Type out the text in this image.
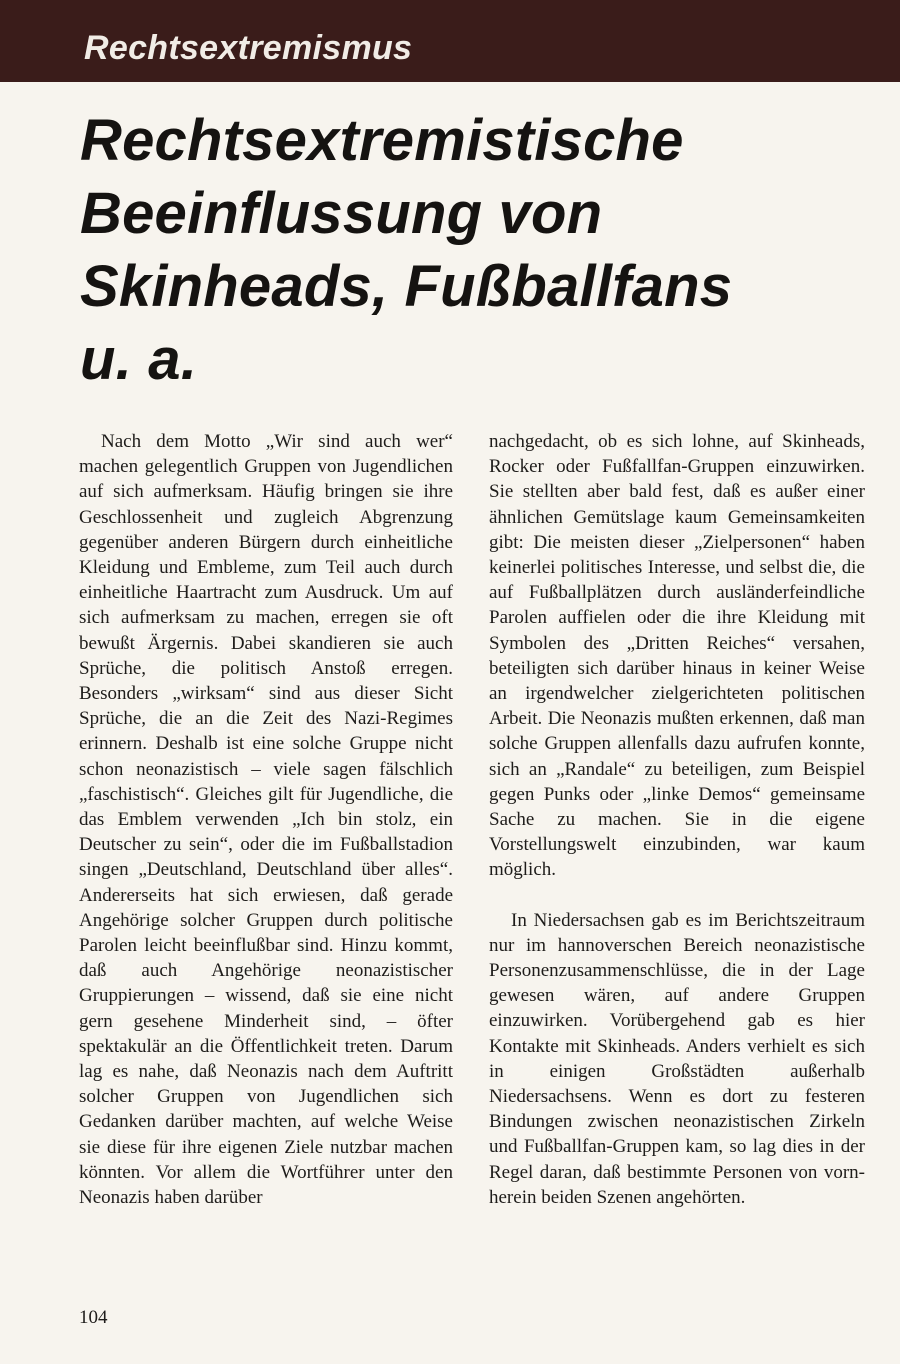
Rechtsextremismus
Rechtsextremistische
Beeinflussung von
Skinheads, Fußballfans
u. a.

Nach dem Motto „Wir sind auch wer“ machen gelegentlich Gruppen von Jugendlichen auf sich aufmerksam. Häufig bringen sie ihre Geschlossenheit und zugleich Abgrenzung gegenüber anderen Bürgern durch einheitliche Kleidung und Embleme, zum Teil auch durch einheitliche Haartracht zum Ausdruck. Um auf sich aufmerksam zu machen, erregen sie oft bewußt Ärgernis. Dabei skandieren sie auch Sprüche, die politisch Anstoß erregen. Besonders „wirksam“ sind aus dieser Sicht Sprüche, die an die Zeit des Nazi-Regimes erinnern. Deshalb ist eine solche Gruppe nicht schon neonazistisch – viele sagen fälschlich „faschistisch“. Gleiches gilt für Jugendliche, die das Emblem verwenden „Ich bin stolz, ein Deutscher zu sein“, oder die im Fußballstadion singen „Deutschland, Deutschland über alles“. Andererseits hat sich erwiesen, daß gerade Angehörige solcher Gruppen durch politische Parolen leicht beeinflußbar sind. Hinzu kommt, daß auch Angehörige neonazistischer Gruppierungen – wissend, daß sie eine nicht gern gesehene Minderheit sind, – öfter spektakulär an die Öffentlichkeit treten. Darum lag es nahe, daß Neonazis nach dem Auftritt solcher Gruppen von Jugendlichen sich Gedanken darüber machten, auf welche Weise sie diese für ihre eigenen Ziele nutzbar machen könnten. Vor allem die Wortführer unter den Neonazis haben darüber

nachgedacht, ob es sich lohne, auf Skinheads, Rocker oder Fußfallfan-Gruppen einzuwirken. Sie stellten aber bald fest, daß es außer einer ähnlichen Gemütslage kaum Gemeinsamkeiten gibt: Die meisten dieser „Zielpersonen“ haben keinerlei politisches Interesse, und selbst die, die auf Fußballplätzen durch ausländerfeindliche Parolen auffielen oder die ihre Kleidung mit Symbolen des „Dritten Reiches“ versahen, beteiligten sich darüber hinaus in keiner Weise an irgendwelcher zielgerichteten politischen Arbeit. Die Neonazis mußten erkennen, daß man solche Gruppen allenfalls dazu aufrufen konnte, sich an „Randale“ zu beteiligen, zum Beispiel gegen Punks oder „linke Demos“ gemeinsame Sache zu machen. Sie in die eigene Vorstellungswelt einzubinden, war kaum möglich.

In Niedersachsen gab es im Berichtszeitraum nur im hannoverschen Bereich neonazistische Personenzusammenschlüsse, die in der Lage gewesen wären, auf andere Gruppen einzuwirken. Vorübergehend gab es hier Kontakte mit Skinheads. Anders verhielt es sich in einigen Großstädten außerhalb Niedersachsens. Wenn es dort zu festeren Bindungen zwischen neonazistischen Zirkeln und Fußballfan-Gruppen kam, so lag dies in der Regel daran, daß bestimmte Personen von vornherein beiden Szenen angehörten.

104
